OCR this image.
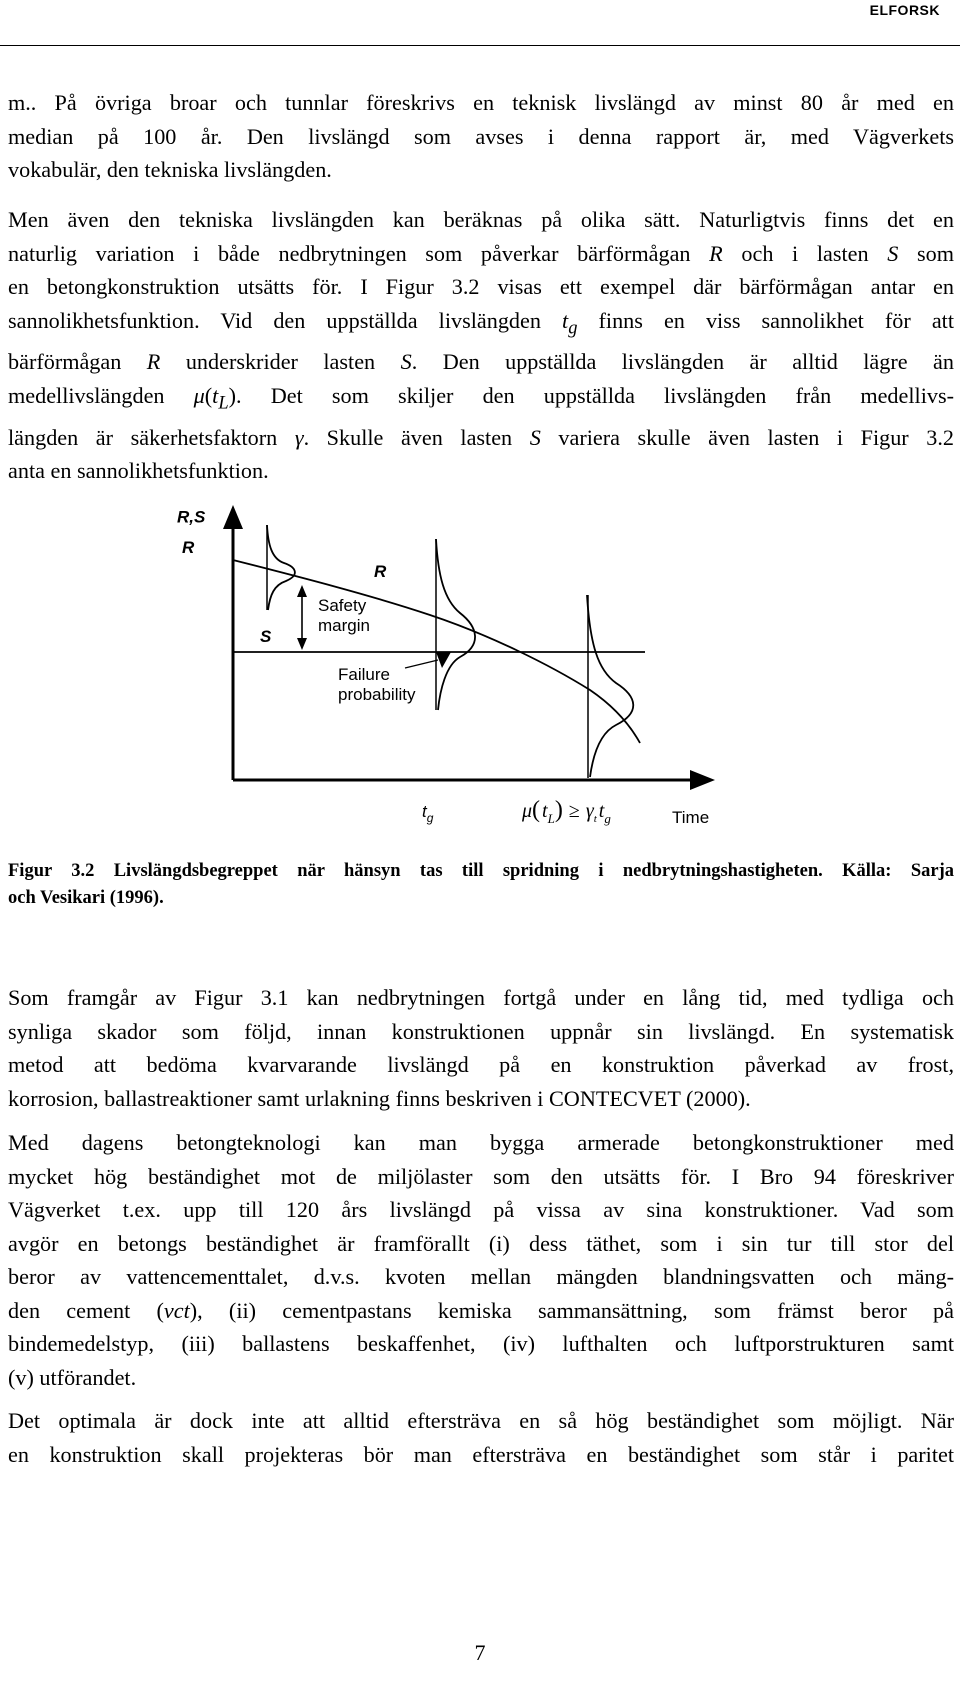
ELFORSK

m.. På övriga broar och tunnlar föreskrivs en teknisk livslängd av minst 80 år med en
median på 100 år. Den livslängd som avses i denna rapport är, med Vägverkets
vokabulär, den tekniska livslängden.

Men även den tekniska livslängden kan beräknas på olika sätt. Naturligtvis finns det en
naturlig variation i både nedbrytningen som påverkar bärförmågan R och i lasten S som
en betongkonstruktion utsätts för. I Figur 3.2 visas ett exempel där bärförmågan antar en
sannolikhetsfunktion. Vid den uppställda livslängden $t_g$ finns en viss sannolikhet för att
bärförmågan R underskrider lasten S. Den uppställda livslängden är alltid lägre än
medellivslängden $\mu(t_L)$. Det som skiljer den uppställda livslängden från medellivs-
längden är säkerhetsfaktorn γ. Skulle även lasten S variera skulle även lasten i Figur 3.2
anta en sannolikhetsfunktion.

R,S
R
R
S
Safety
margin
Failure
probability
$t_g$	μ( $t_L) \ge \gamma_t$ $t_g$	Time

Figur 3.2 Livslängdsbegreppet när hänsyn tas till spridning i nedbrytningshastigheten. Källa: Sarja
och Vesikari (1996).

Som framgår av Figur 3.1 kan nedbrytningen fortgå under en lång tid, med tydliga och
synliga skador som följd, innan konstruktionen uppnår sin livslängd. En systematisk
metod att bedöma kvarvarande livslängd på en konstruktion påverkad av frost,
korrosion, ballastreaktioner samt urlakning finns beskriven i CONTECVET (2000).

Med dagens betongteknologi kan man bygga armerade betongkonstruktioner med
mycket hög beständighet mot de miljölaster som den utsätts för. I Bro 94 föreskriver
Vägverket t.ex. upp till 120 års livslängd på vissa av sina konstruktioner. Vad som
avgör en betongs beständighet är framförallt (i) dess täthet, som i sin tur till stor del
beror av vattencementtalet, d.v.s. kvoten mellan mängden blandningsvatten och mäng-
den cement (vct), (ii) cementpastans kemiska sammansättning, som främst beror på
bindemedelstyp, (iii) ballastens beskaffenhet, (iv) lufthalten och luftporstrukturen samt
(v) utförandet.

Det optimala är dock inte att alltid eftersträva en så hög beständighet som möjligt. När
en konstruktion skall projekteras bör man eftersträva en beständighet som står i paritet

7
